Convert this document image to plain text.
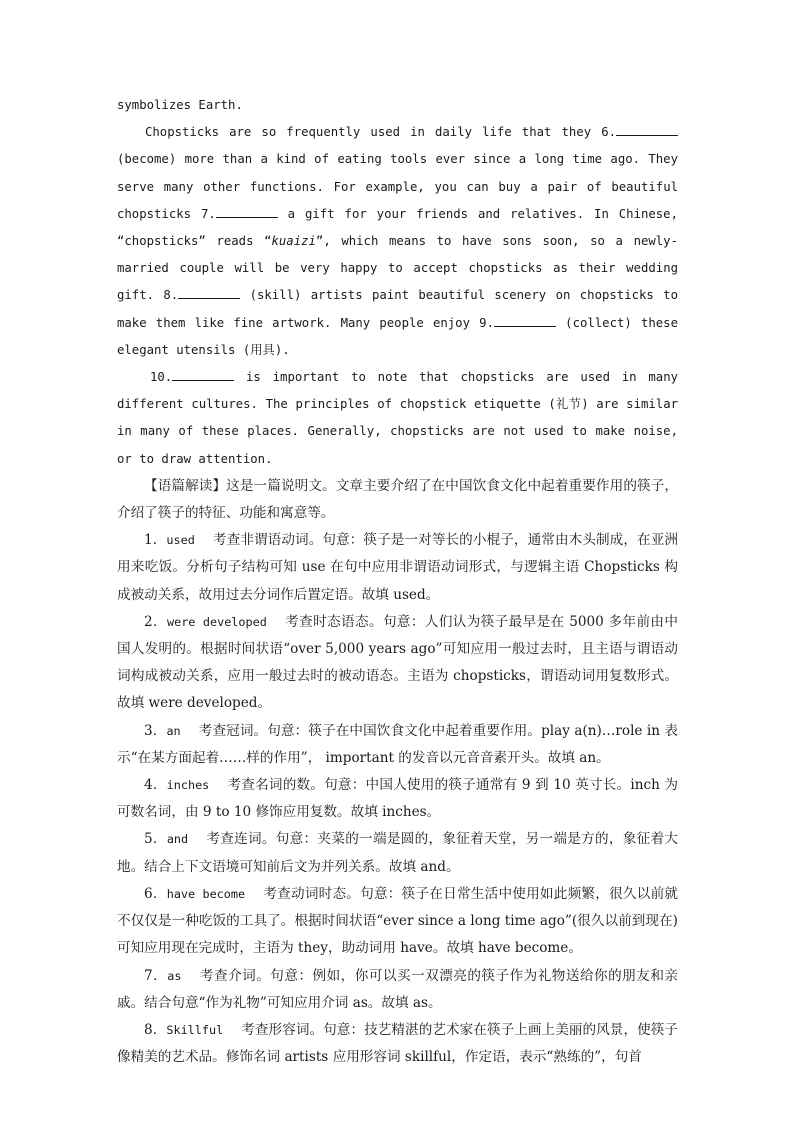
symbolizes Earth.

Chopsticks are so frequently used in daily life that they 6. (become) more than a kind of eating tools ever since a long time ago. They serve many other functions. For example, you can buy a pair of beautiful chopsticks 7.	a gift for your friends and relatives. In Chinese, “chopsticks” reads “kuaizi”, which means to have sons soon, so a newly-married couple will be very happy to accept chopsticks as their wedding gift. 8.	(skill) artists paint beautiful scenery on chopsticks to make them like fine artwork. Many people enjoy 9.	(collect) these elegant utensils (用具).

10.	is important to note that chopsticks are used in many different cultures. The principles of chopstick etiquette (礼节) are similar in many of these places. Generally, chopsticks are not used to make noise, or to draw attention.

【语篇解读】这是一篇说明文。文章主要介绍了在中国饮食文化中起着重要作用的筷子，介绍了筷子的特征、功能和寓意等。

1．used 考查非谓语动词。句意：筷子是一对等长的小棍子，通常由木头制成，在亚洲用来吃饭。分析句子结构可知 use 在句中应用非谓语动词形式，与逻辑主语 Chopsticks 构成被动关系，故用过去分词作后置定语。故填 used。

2．were developed 考查时态语态。句意：人们认为筷子最早是在 5000 多年前由中国人发明的。根据时间状语“over 5,000 years ago”可知应用一般过去时，且主语与谓语动词构成被动关系，应用一般过去时的被动语态。主语为 chopsticks，谓语动词用复数形式。故填 were developed。

3．an 考查冠词。句意：筷子在中国饮食文化中起着重要作用。play a(n)…role in 表示“在某方面起着……样的作用”， important 的发音以元音音素开头。故填 an。

4．inches 考查名词的数。句意：中国人使用的筷子通常有 9 到 10 英寸长。inch 为可数名词，由 9 to 10 修饰应用复数。故填 inches。

5．and 考查连词。句意：夹菜的一端是圆的，象征着天堂，另一端是方的，象征着大地。结合上下文语境可知前后文为并列关系。故填 and。

6．have become 考查动词时态。句意：筷子在日常生活中使用如此频繁，很久以前就不仅仅是一种吃饭的工具了。根据时间状语“ever since a long time ago”(很久以前到现在)可知应用现在完成时，主语为 they，助动词用 have。故填 have become。

7．as 考查介词。句意：例如，你可以买一双漂亮的筷子作为礼物送给你的朋友和亲戚。结合句意“作为礼物”可知应用介词 as。故填 as。

8．Skillful 考查形容词。句意：技艺精湛的艺术家在筷子上画上美丽的风景，使筷子像精美的艺术品。修饰名词 artists 应用形容词 skillful，作定语，表示“熟练的”，句首
